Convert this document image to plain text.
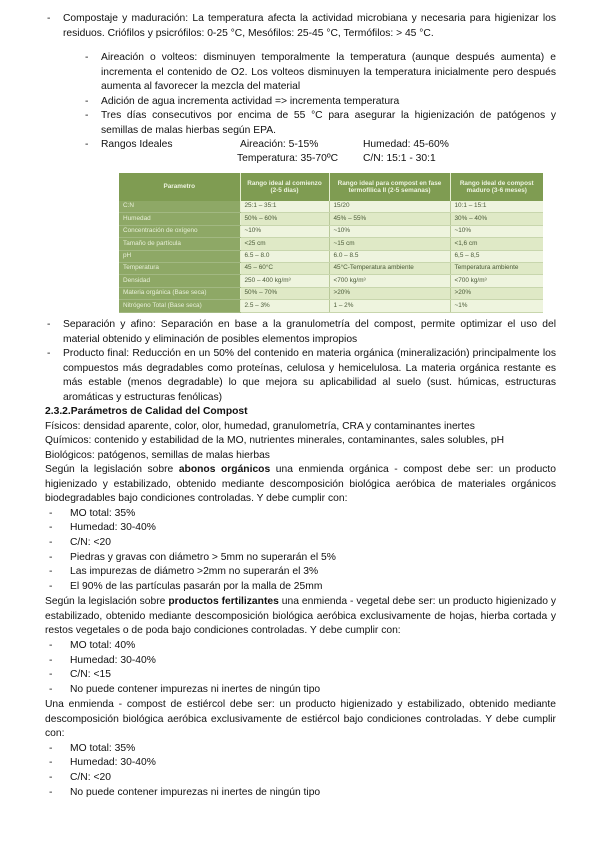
- Compostaje y maduración: La temperatura afecta la actividad microbiana y necesaria para higienizar los residuos. Criófilos y psicrófilos: 0-25 °C, Mesófilos: 25-45 °C, Termófilos: > 45 °C.
- Aireación o volteos: disminuyen temporalmente la temperatura (aunque después aumenta) e incrementa el contenido de O2. Los volteos disminuyen la temperatura inicialmente pero después aumenta al favorecer la mezcla del material
- Adición de agua incrementa actividad => incrementa temperatura
- Tres días consecutivos por encima de 55 °C para asegurar la higienización de patógenos y semillas de malas hierbas según EPA.
- Rangos Ideales	Aireación: 5-15%	Humedad: 45-60%
Temperatura: 35-70ºC C/N: 15:1 - 30:1
Parametro	Rango ideal al comienzo (2-5 dias)	Rango ideal para compost en fase termofilica II (2-5 semanas)	Rango ideal de compost maduro (3-6 meses)
C:N	25:1 – 35:1	15/20	10:1 – 15:1
Humedad	50% – 60%	45% – 55%	30% – 40%
Concentración de oxígeno	~10%	~10%	~10%
Tamaño de partícula	<25 cm	~15 cm	<1,6 cm
pH	6.5 – 8.0	6.0 – 8.5	6,5 – 8,5
Temperatura	45 – 60°C	45°C-Temperatura ambiente	Temperatura ambiente
Densidad	250 – 400 kg/m³	<700 kg/m³	<700 kg/m³
Materia orgánica (Base seca)	50% – 70%	>20%	>20%
Nitrógeno Total (Base seca)	2.5 – 3%	1 – 2%	~1%
- Separación y afino: Separación en base a la granulometría del compost, permite optimizar el uso del material obtenido y eliminación de posibles elementos impropios
- Producto final: Reducción en un 50% del contenido en materia orgánica (mineralización) principalmente los compuestos más degradables como proteínas, celulosa y hemicelulosa. La materia orgánica restante es más estable (menos degradable) lo que mejora su aplicabilidad al suelo (sust. húmicas, estructuras aromáticas y estructuras fenólicas)
2.3.2.Parámetros de Calidad del Compost
Físicos: densidad aparente, color, olor, humedad, granulometría, CRA y contaminantes inertes
Químicos: contenido y estabilidad de la MO, nutrientes minerales, contaminantes, sales solubles, pH
Biológicos: patógenos, semillas de malas hierbas
Según la legislación sobre abonos orgánicos una enmienda orgánica - compost debe ser: un producto higienizado y estabilizado, obtenido mediante descomposición biológica aeróbica de materiales orgánicos biodegradables bajo condiciones controladas. Y debe cumplir con:
- MO total: 35%
- Humedad: 30-40%
- C/N: <20
- Piedras y gravas con diámetro > 5mm no superarán el 5%
- Las impurezas de diámetro >2mm no superarán el 3%
- El 90% de las partículas pasarán por la malla de 25mm
Según la legislación sobre productos fertilizantes una enmienda - vegetal debe ser: un producto higienizado y estabilizado, obtenido mediante descomposición biológica aeróbica exclusivamente de hojas, hierba cortada y restos vegetales o de poda bajo condiciones controladas. Y debe cumplir con:
- MO total: 40%
- Humedad: 30-40%
- C/N: <15
- No puede contener impurezas ni inertes de ningún tipo
Una enmienda - compost de estiércol debe ser: un producto higienizado y estabilizado, obtenido mediante descomposición biológica aeróbica exclusivamente de estiércol bajo condiciones controladas. Y debe cumplir con:
- MO total: 35%
- Humedad: 30-40%
- C/N: <20
- No puede contener impurezas ni inertes de ningún tipo
